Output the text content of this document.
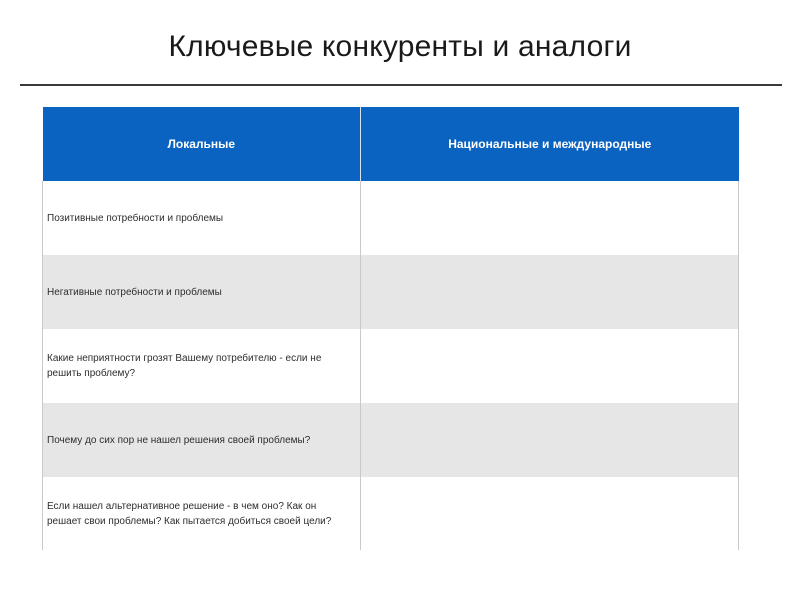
Ключевые конкуренты и аналоги
Локальные	Национальные и международные
Позитивные потребности и проблемы	
Негативные потребности и проблемы	
Какие неприятности грозят Вашему потребителю - если не решить проблему?	
Почему до сих пор не нашел решения своей проблемы?	
Если нашел альтернативное решение - в чем оно? Как он решает свои проблемы? Как пытается добиться своей цели?	
